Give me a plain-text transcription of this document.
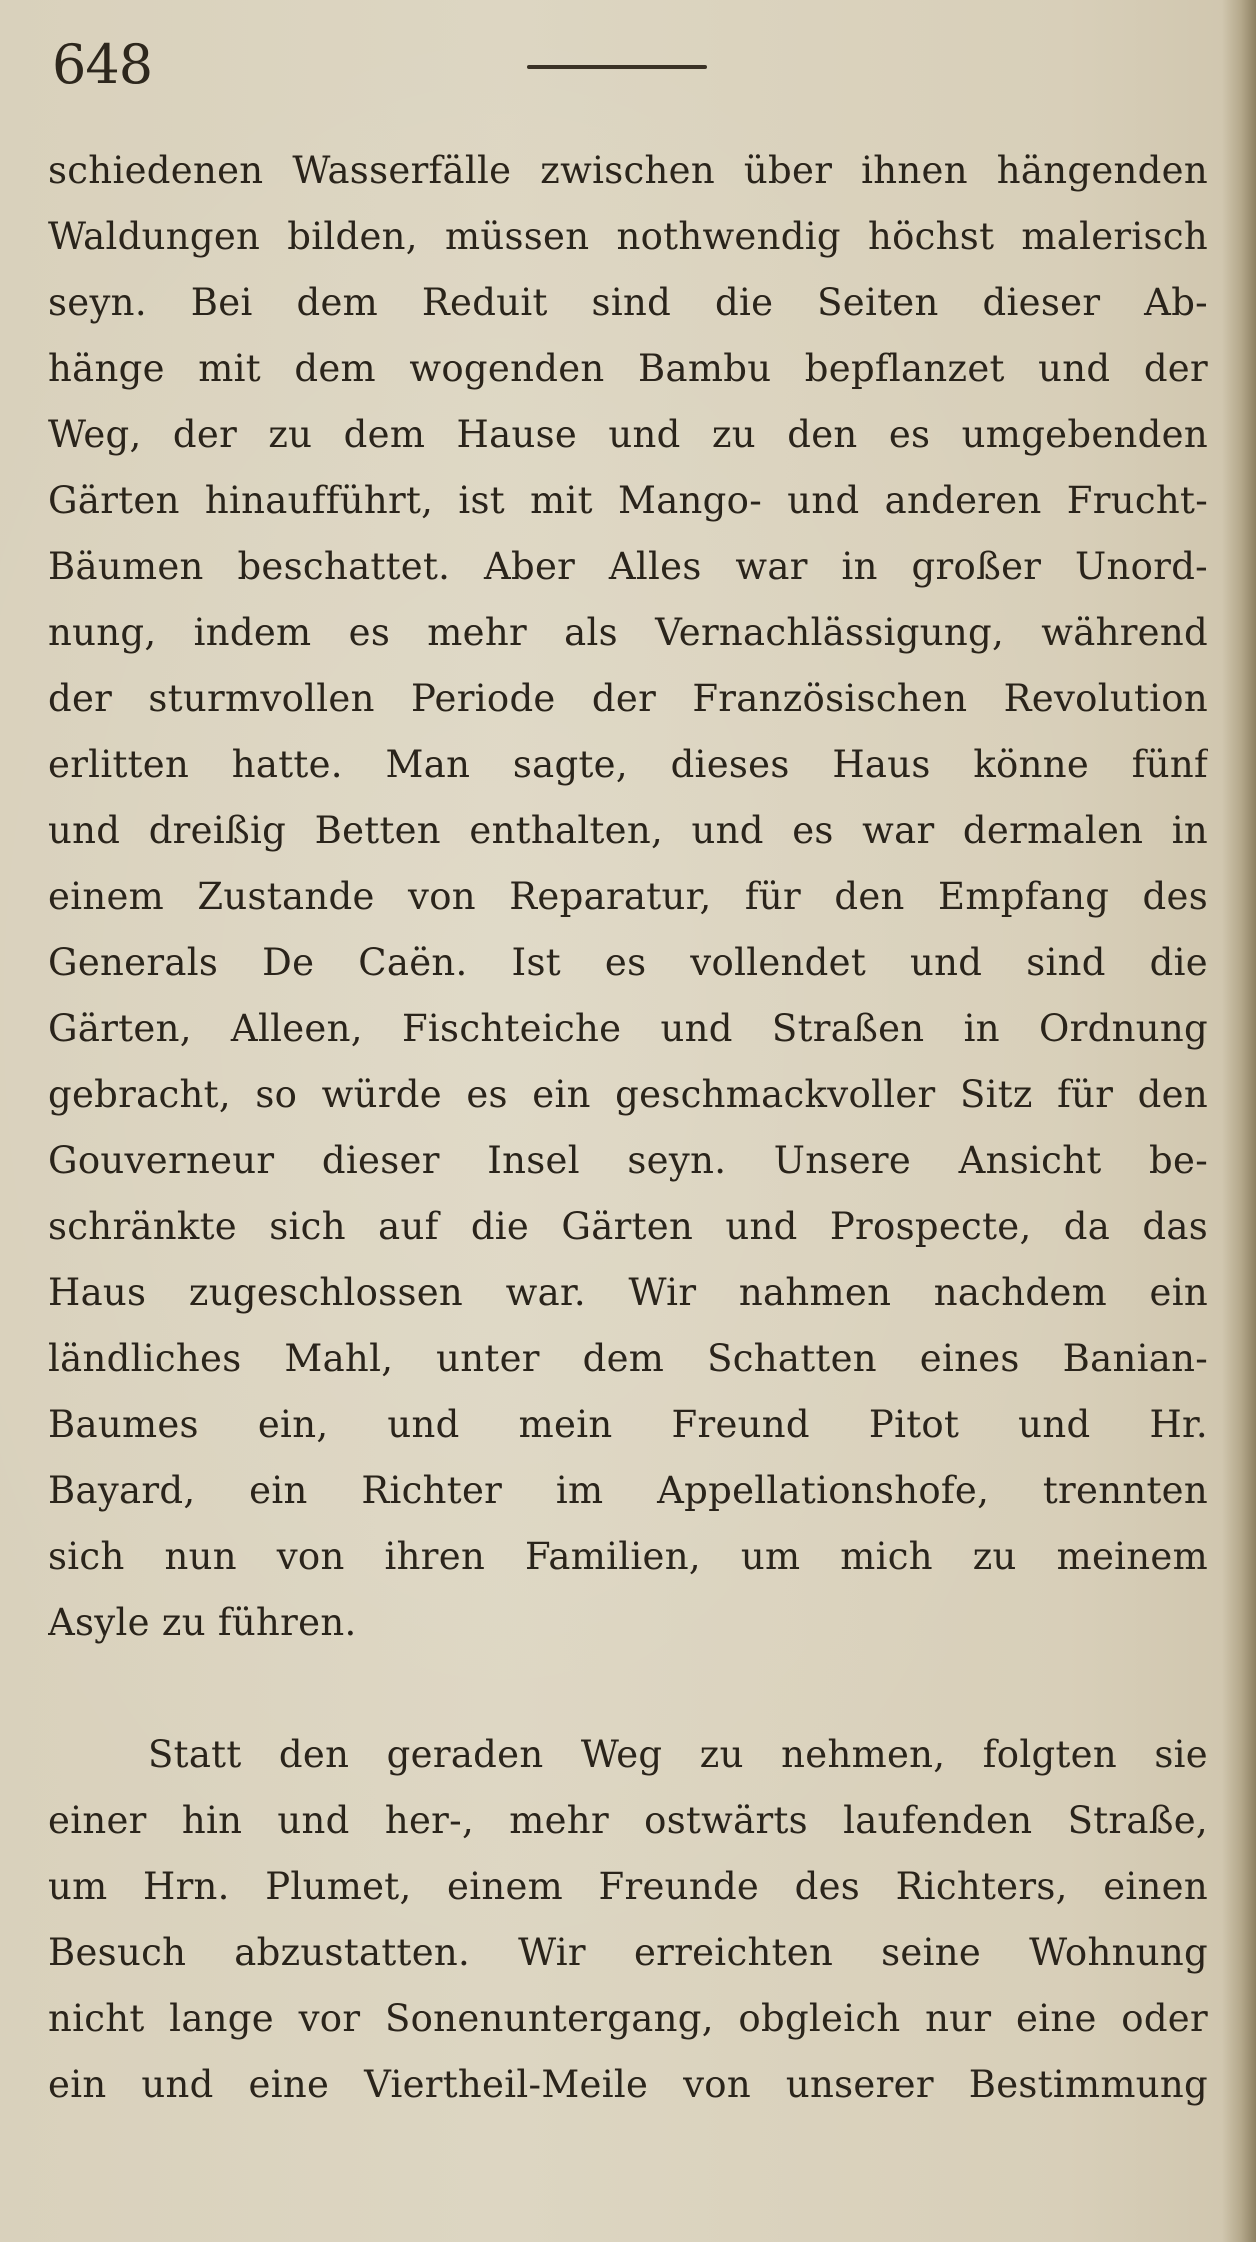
648
schiedenen Wasserfälle zwischen über ihnen hängenden
Waldungen bilden, müssen nothwendig höchst malerisch
seyn. Bei dem Reduit sind die Seiten dieser Ab-
hänge mit dem wogenden Bambu bepflanzet und der
Weg, der zu dem Hause und zu den es umgebenden
Gärten hinaufführt, ist mit Mango- und anderen Frucht-
Bäumen beschattet. Aber Alles war in großer Unord-
nung, indem es mehr als Vernachlässigung, während
der sturmvollen Periode der Französischen Revolution
erlitten hatte. Man sagte, dieses Haus könne fünf
und dreißig Betten enthalten, und es war dermalen in
einem Zustande von Reparatur, für den Empfang des
Generals De Caën. Ist es vollendet und sind die
Gärten, Alleen, Fischteiche und Straßen in Ordnung
gebracht, so würde es ein geschmackvoller Sitz für den
Gouverneur dieser Insel seyn. Unsere Ansicht be-
schränkte sich auf die Gärten und Prospecte, da das
Haus zugeschlossen war. Wir nahmen nachdem ein
ländliches Mahl, unter dem Schatten eines Banian-
Baumes ein, und mein Freund Pitot und Hr.
Bayard, ein Richter im Appellationshofe, trennten
sich nun von ihren Familien, um mich zu meinem
Asyle zu führen.
Statt den geraden Weg zu nehmen, folgten sie
einer hin und her-, mehr ostwärts laufenden Straße,
um Hrn. Plumet, einem Freunde des Richters, einen
Besuch abzustatten. Wir erreichten seine Wohnung
nicht lange vor Sonenuntergang, obgleich nur eine oder
ein und eine Viertheil-Meile von unserer Bestimmung
